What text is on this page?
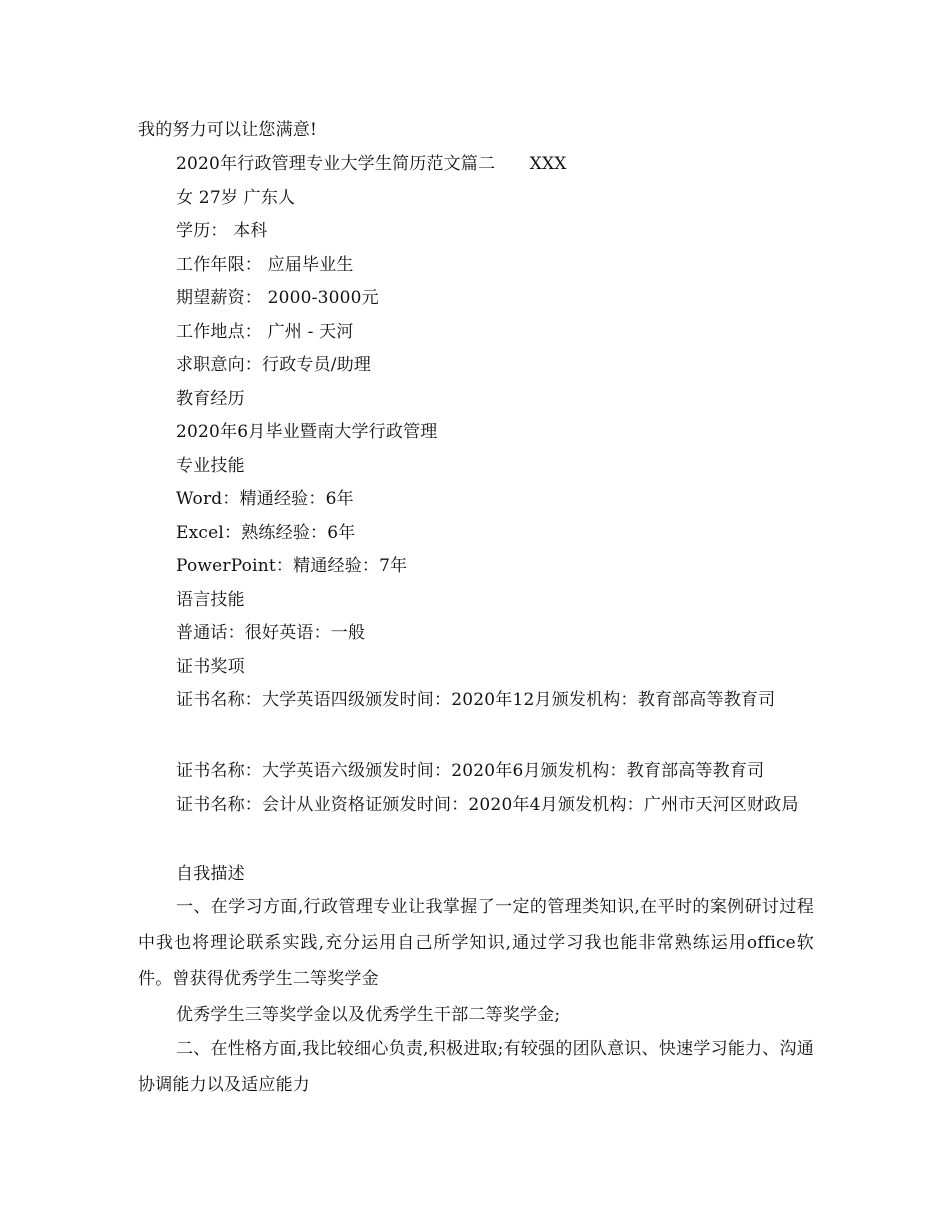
我的努力可以让您满意!
2020年行政管理专业大学生简历范文篇二　　XXX
女 27岁 广东人
学历： 本科
工作年限： 应届毕业生
期望薪资： 2000-3000元
工作地点： 广州 - 天河
求职意向：行政专员/助理
教育经历
2020年6月毕业暨南大学行政管理
专业技能
Word：精通经验：6年
Excel：熟练经验：6年
PowerPoint：精通经验：7年
语言技能
普通话：很好英语：一般
证书奖项
证书名称：大学英语四级颁发时间：2020年12月颁发机构：教育部高等教育司
证书名称：大学英语六级颁发时间：2020年6月颁发机构：教育部高等教育司
证书名称：会计从业资格证颁发时间：2020年4月颁发机构：广州市天河区财政局
自我描述
一、在学习方面,行政管理专业让我掌握了一定的管理类知识,在平时的案例研讨过程中我也将理论联系实践,充分运用自己所学知识,通过学习我也能非常熟练运用office软件。曾获得优秀学生二等奖学金
优秀学生三等奖学金以及优秀学生干部二等奖学金;
二、在性格方面,我比较细心负责,积极进取;有较强的团队意识、快速学习能力、沟通协调能力以及适应能力
